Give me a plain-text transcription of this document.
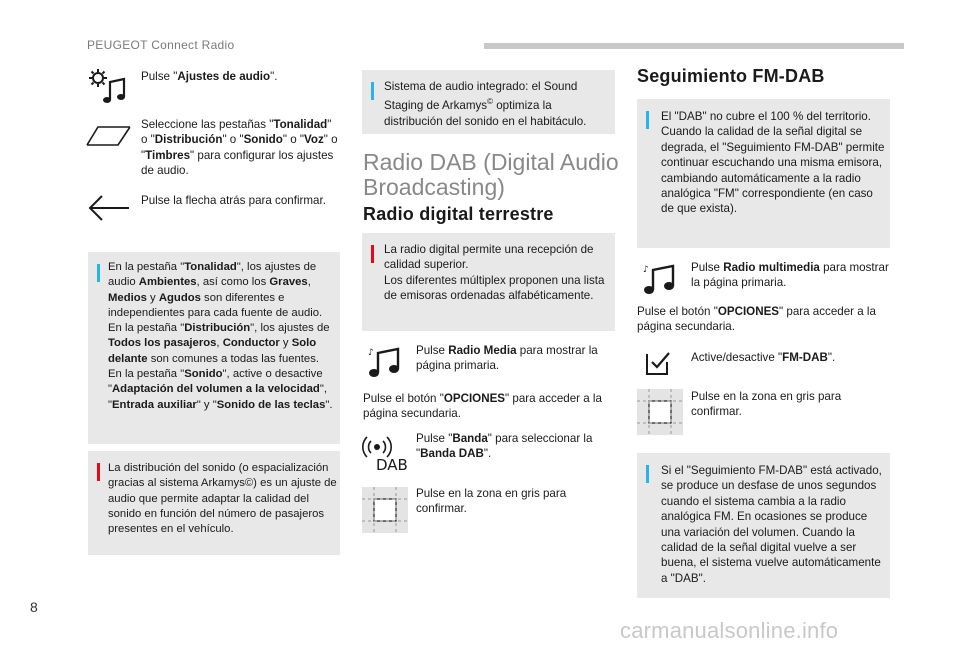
PEUGEOT Connect Radio
Pulse "Ajustes de audio".
Seleccione las pestañas "Tonalidad" o "Distribución" o "Sonido" o "Voz" o "Timbres" para configurar los ajustes de audio.
Pulse la flecha atrás para confirmar.
En la pestaña "Tonalidad", los ajustes de audio Ambientes, así como los Graves, Medios y Agudos son diferentes e independientes para cada fuente de audio.
En la pestaña "Distribución", los ajustes de Todos los pasajeros, Conductor y Solo delante son comunes a todas las fuentes.
En la pestaña "Sonido", active o desactive "Adaptación del volumen a la velocidad", "Entrada auxiliar" y "Sonido de las teclas".
La distribución del sonido (o espacialización gracias al sistema Arkamys©) es un ajuste de audio que permite adaptar la calidad del sonido en función del número de pasajeros presentes en el vehículo.
Sistema de audio integrado: el Sound Staging de Arkamys© optimiza la distribución del sonido en el habitáculo.
Radio DAB (Digital Audio
Broadcasting)
Radio digital terrestre
La radio digital permite una recepción de calidad superior.
Los diferentes múltiplex proponen una lista de emisoras ordenadas alfabéticamente.
♪	Pulse Radio Media para mostrar la página primaria.
Pulse el botón "OPCIONES" para acceder a la página secundaria.
DAB
Pulse "Banda" para seleccionar la "Banda DAB".
Pulse en la zona en gris para confirmar.
Seguimiento FM-DAB
El "DAB" no cubre el 100 % del territorio. Cuando la calidad de la señal digital se degrada, el "Seguimiento FM-DAB" permite continuar escuchando una misma emisora, cambiando automáticamente a la radio analógica "FM" correspondiente (en caso de que exista).
♪	Pulse Radio multimedia para mostrar la página primaria.
Pulse el botón "OPCIONES" para acceder a la página secundaria.
Active/desactive "FM-DAB".
Pulse en la zona en gris para confirmar.
Si el "Seguimiento FM-DAB" está activado, se produce un desfase de unos segundos cuando el sistema cambia a la radio analógica FM. En ocasiones se produce una variación del volumen. Cuando la calidad de la señal digital vuelve a ser buena, el sistema vuelve automáticamente a "DAB".
8
carmanualsonline.info
